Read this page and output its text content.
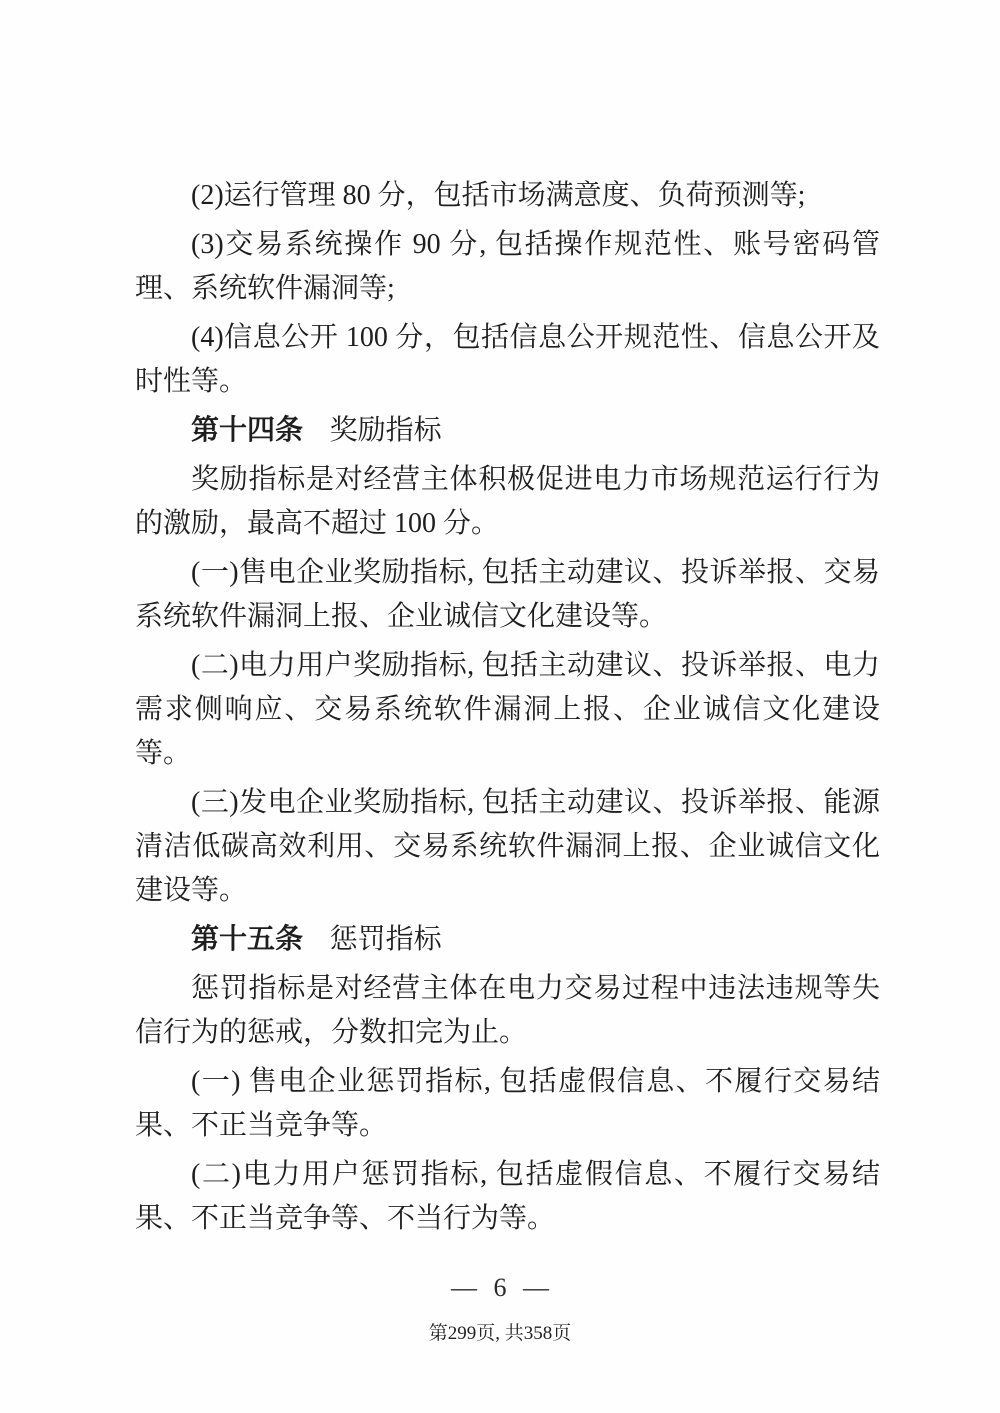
(2)运行管理 80 分，包括市场满意度、负荷预测等;

(3)交易系统操作 90 分, 包括操作规范性、账号密码管理、系统软件漏洞等;

(4)信息公开 100 分，包括信息公开规范性、信息公开及时性等。

第十四条 奖励指标

奖励指标是对经营主体积极促进电力市场规范运行行为的激励，最高不超过 100 分。

(一)售电企业奖励指标, 包括主动建议、投诉举报、交易系统软件漏洞上报、企业诚信文化建设等。

(二)电力用户奖励指标, 包括主动建议、投诉举报、电力需求侧响应、交易系统软件漏洞上报、企业诚信文化建设等。

(三)发电企业奖励指标, 包括主动建议、投诉举报、能源清洁低碳高效利用、交易系统软件漏洞上报、企业诚信文化建设等。

第十五条 惩罚指标

惩罚指标是对经营主体在电力交易过程中违法违规等失信行为的惩戒，分数扣完为止。

(一) 售电企业惩罚指标, 包括虚假信息、不履行交易结果、不正当竞争等。

(二)电力用户惩罚指标, 包括虚假信息、不履行交易结果、不正当竞争等、不当行为等。

— 6 —
第299页, 共358页
